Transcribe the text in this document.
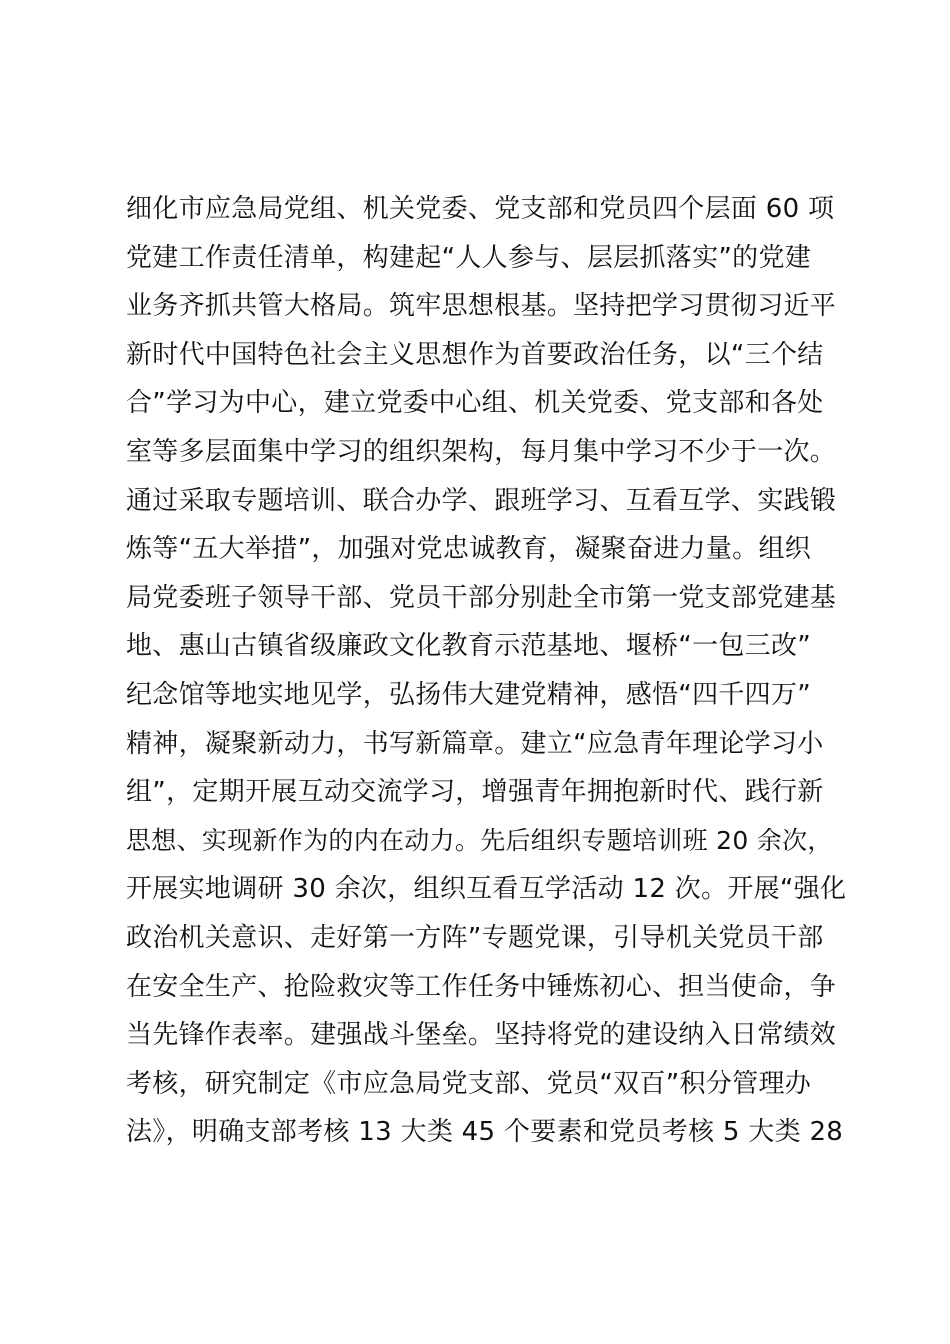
细化市应急局党组、机关党委、党支部和党员四个层面 60 项
党建工作责任清单，构建起“人人参与、层层抓落实”的党建
业务齐抓共管大格局。筑牢思想根基。坚持把学习贯彻习近平
新时代中国特色社会主义思想作为首要政治任务，以“三个结
合”学习为中心，建立党委中心组、机关党委、党支部和各处
室等多层面集中学习的组织架构，每月集中学习不少于一次。
通过采取专题培训、联合办学、跟班学习、互看互学、实践锻
炼等“五大举措”，加强对党忠诚教育，凝聚奋进力量。组织
局党委班子领导干部、党员干部分别赴全市第一党支部党建基
地、惠山古镇省级廉政文化教育示范基地、堰桥“一包三改”
纪念馆等地实地见学，弘扬伟大建党精神，感悟“四千四万”
精神，凝聚新动力，书写新篇章。建立“应急青年理论学习小
组”，定期开展互动交流学习，增强青年拥抱新时代、践行新
思想、实现新作为的内在动力。先后组织专题培训班 20 余次，
开展实地调研 30 余次，组织互看互学活动 12 次。开展“强化
政治机关意识、走好第一方阵”专题党课，引导机关党员干部
在安全生产、抢险救灾等工作任务中锤炼初心、担当使命，争
当先锋作表率。建强战斗堡垒。坚持将党的建设纳入日常绩效
考核，研究制定《市应急局党支部、党员“双百”积分管理办
法》，明确支部考核 13 大类 45 个要素和党员考核 5 大类 28
